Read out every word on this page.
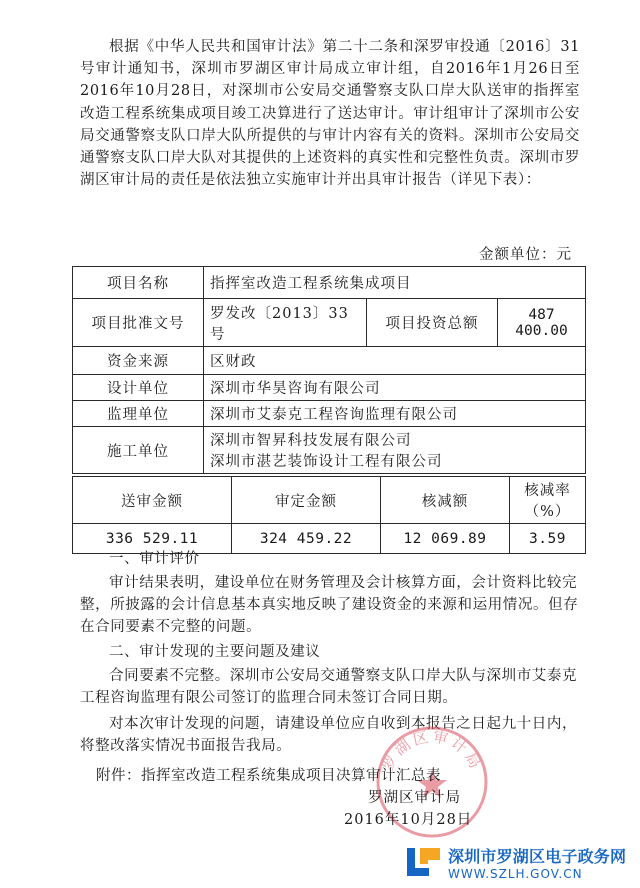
根据《中华人民共和国审计法》第二十二条和深罗审投通〔2016〕31号审计通知书，深圳市罗湖区审计局成立审计组，自2016年1月26日至2016年10月28日，对深圳市公安局交通警察支队口岸大队送审的指挥室改造工程系统集成项目竣工决算进行了送达审计。审计组审计了深圳市公安局交通警察支队口岸大队所提供的与审计内容有关的资料。深圳市公安局交通警察支队口岸大队对其提供的上述资料的真实性和完整性负责。深圳市罗湖区审计局的责任是依法独立实施审计并出具审计报告（详见下表）：

金额单位：元

项目名称	指挥室改造工程系统集成项目		
项目批准文号	罗发改〔2013〕33号	项目投资总额	487 400.00
资金来源	区财政		
设计单位	深圳市华昊咨询有限公司		
监理单位	深圳市艾泰克工程咨询监理有限公司		
施工单位	深圳市智昇科技发展有限公司
深圳市湛艺装饰设计工程有限公司		
送审金额	审定金额	核减额	核减率（%）
336 529.11	324 459.22	12 069.89	3.59

一、审计评价

审计结果表明，建设单位在财务管理及会计核算方面，会计资料比较完整，所披露的会计信息基本真实地反映了建设资金的来源和运用情况。但存在合同要素不完整的问题。

二、审计发现的主要问题及建议

合同要素不完整。深圳市公安局交通警察支队口岸大队与深圳市艾泰克工程咨询监理有限公司签订的监理合同未签订合同日期。

对本次审计发现的问题，请建设单位应自收到本报告之日起九十日内，将整改落实情况书面报告我局。

罗湖区审计局

附件：指挥室改造工程系统集成项目决算审计汇总表

罗湖区审计局

2016年10月28日

深圳市罗湖区电子政务网
WWW.SZLH.GOV.CN
